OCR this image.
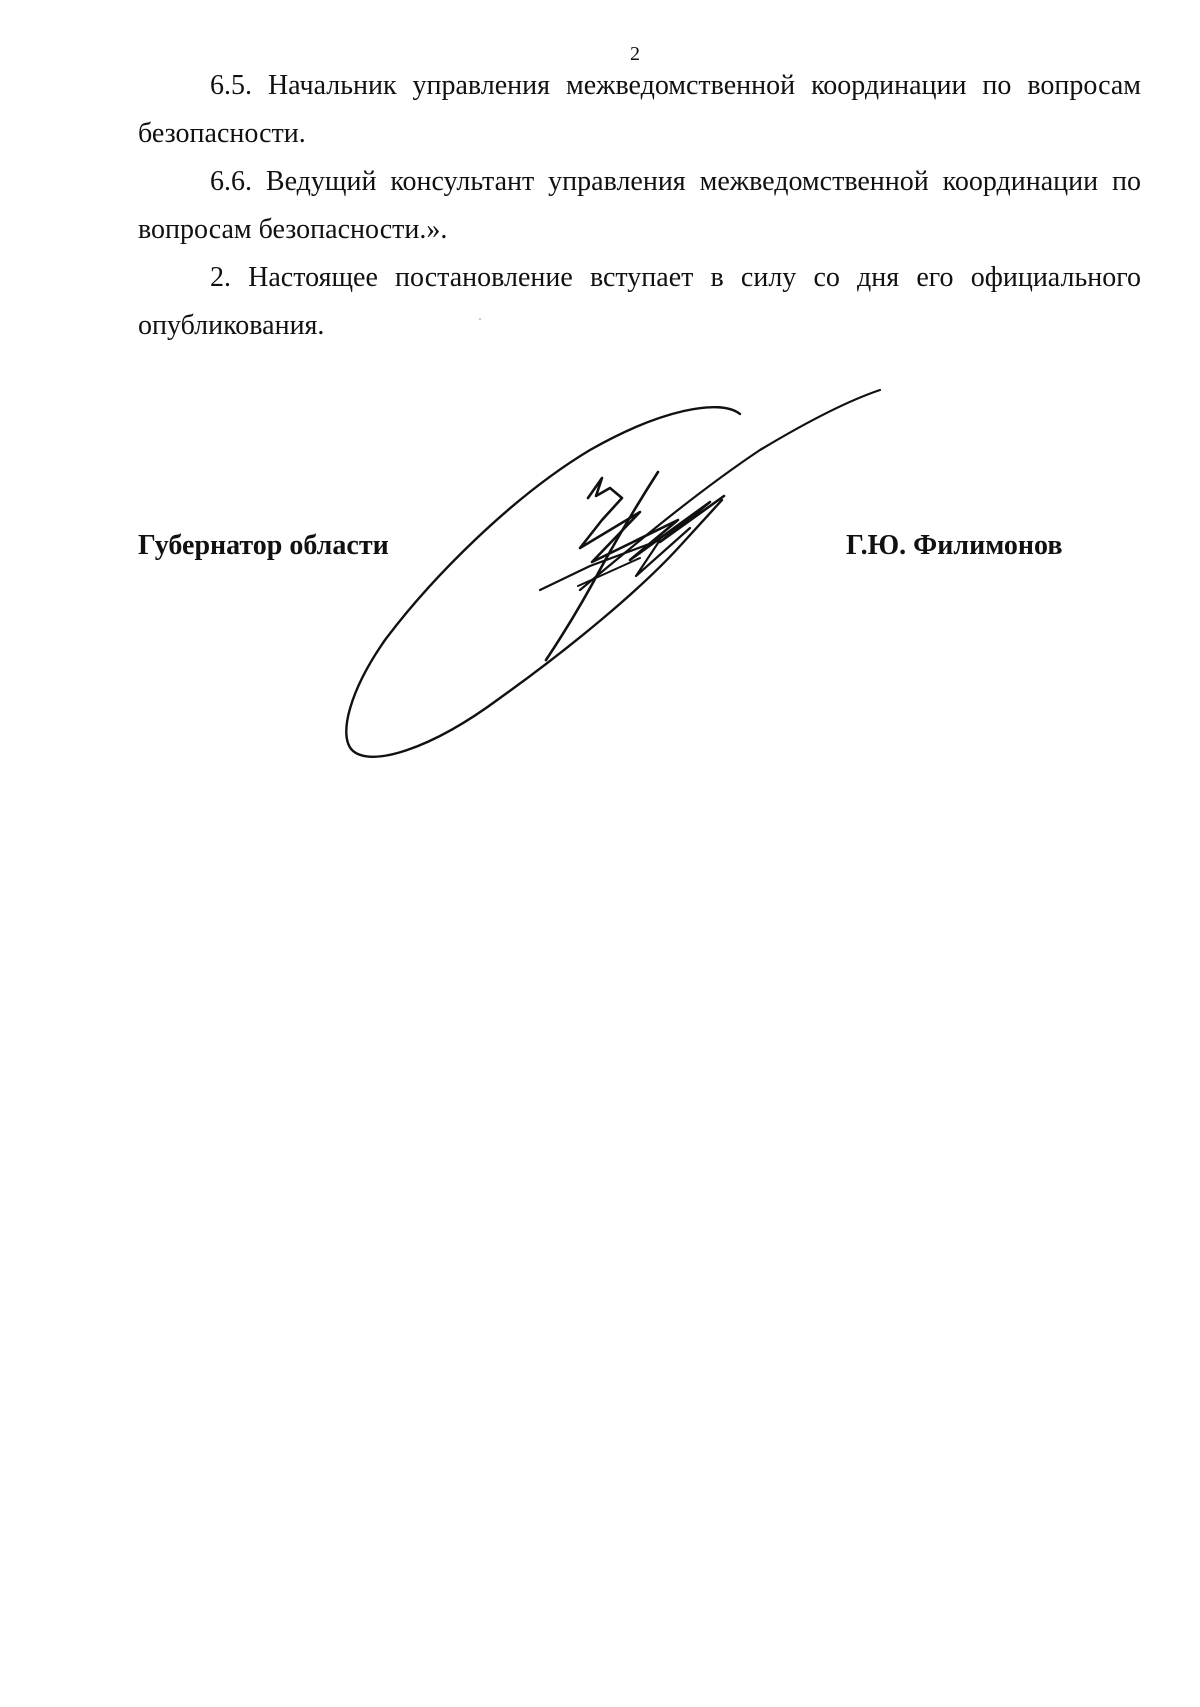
2

6.5. Начальник управления межведомственной координации по вопросам безопасности.

6.6. Ведущий консультант управления межведомственной координации по вопросам безопасности.».

2. Настоящее постановление вступает в силу со дня его официального опубликования.

Губернатор области	Г.Ю. Филимонов
